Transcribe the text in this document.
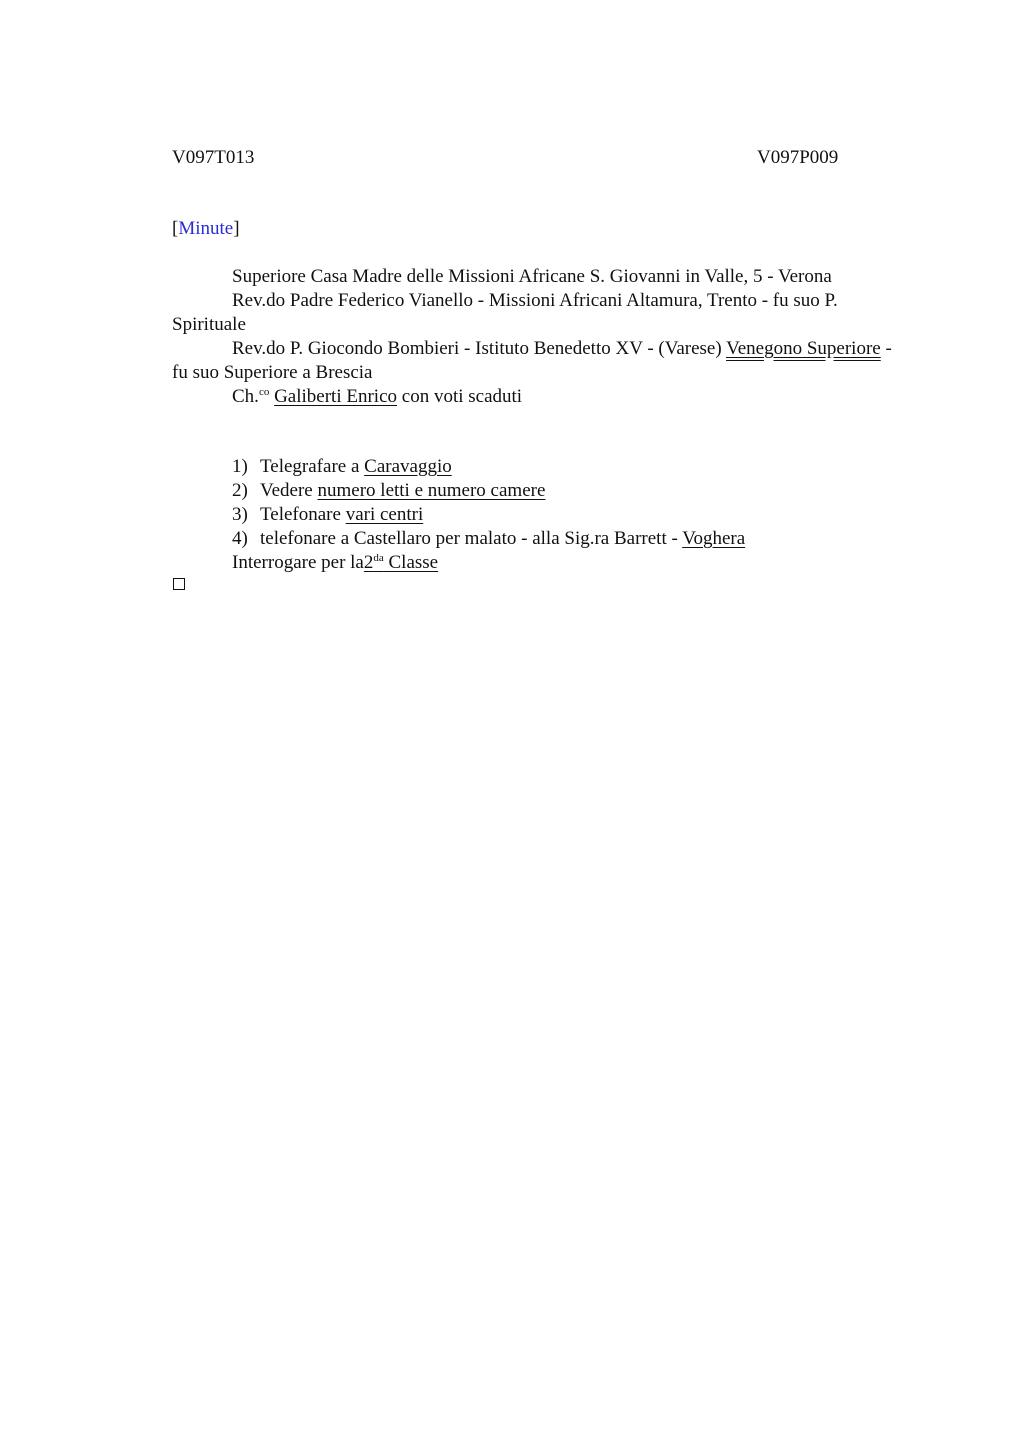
V097T013	V097P009
[Minute]

Superiore Casa Madre delle Missioni Africane S. Giovanni in Valle, 5 - Verona

Rev.do Padre Federico Vianello - Missioni Africani Altamura, Trento - fu suo P. Spirituale

Rev.do P. Giocondo Bombieri - Istituto Benedetto XV - (Varese) Venegono Superiore - fu suo Superiore a Brescia

Ch.$^{co}$ Galiberti Enrico con voti scaduti

1) Telegrafare a Caravaggio
2) Vedere numero letti e numero camere
3) Telefonare vari centri
4) telefonare a Castellaro per malato - alla Sig.ra Barrett - Voghera
Interrogare per la $2^{da}$ Classe
